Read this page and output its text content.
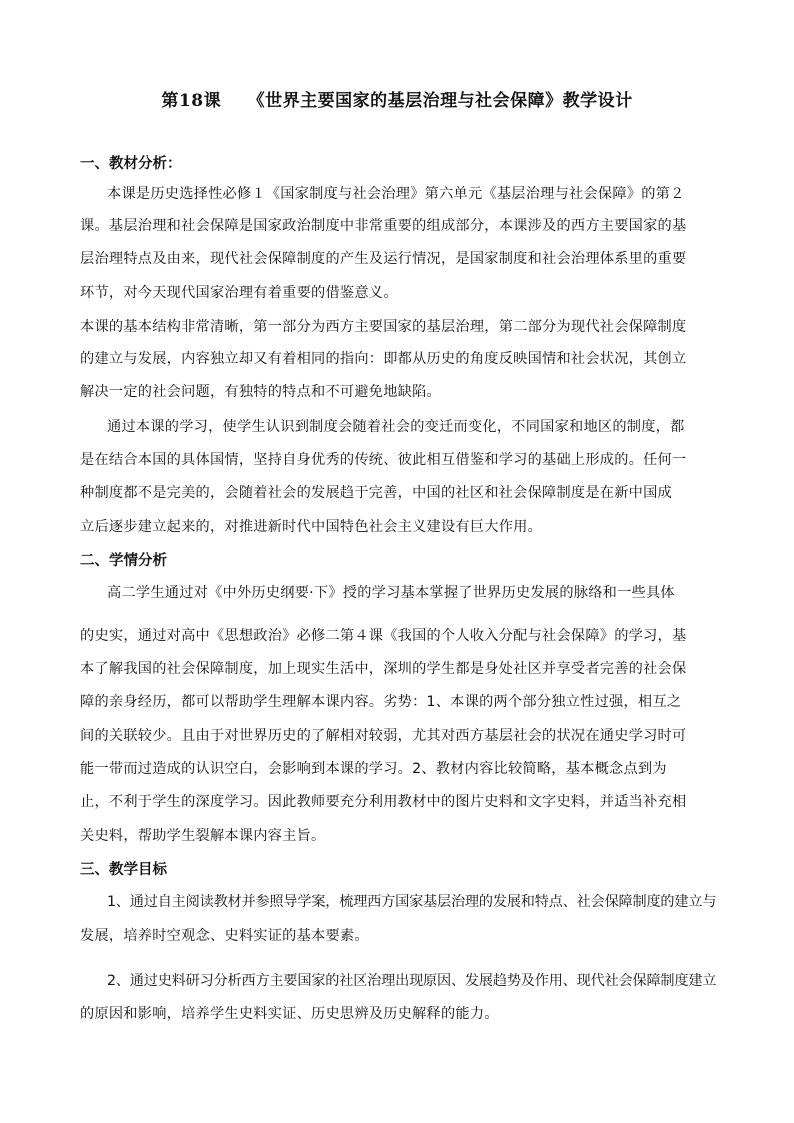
第18课　　《世界主要国家的基层治理与社会保障》教学设计
一、教材分析：
本课是历史选择性必修１《国家制度与社会治理》第六单元《基层治理与社会保障》的第２
课。基层治理和社会保障是国家政治制度中非常重要的组成部分，本课涉及的西方主要国家的基
层治理特点及由来，现代社会保障制度的产生及运行情况，是国家制度和社会治理体系里的重要
环节，对今天现代国家治理有着重要的借鉴意义。
本课的基本结构非常清晰，第一部分为西方主要国家的基层治理，第二部分为现代社会保障制度
的建立与发展，内容独立却又有着相同的指向：即都从历史的角度反映国情和社会状况，其创立
解决一定的社会问题，有独特的特点和不可避免地缺陷。
通过本课的学习，使学生认识到制度会随着社会的变迁而变化，不同国家和地区的制度，都
是在结合本国的具体国情，坚持自身优秀的传统、彼此相互借鉴和学习的基础上形成的。任何一
种制度都不是完美的，会随着社会的发展趋于完善，中国的社区和社会保障制度是在新中国成
立后逐步建立起来的，对推进新时代中国特色社会主义建设有巨大作用。
二、学情分析
高二学生通过对《中外历史纲要·下》授的学习基本掌握了世界历史发展的脉络和一些具体
的史实，通过对高中《思想政治》必修二第４课《我国的个人收入分配与社会保障》的学习，基
本了解我国的社会保障制度，加上现实生活中，深圳的学生都是身处社区并享受者完善的社会保
障的亲身经历，都可以帮助学生理解本课内容。劣势：1、本课的两个部分独立性过强，相互之
间的关联较少。且由于对世界历史的了解相对较弱，尤其对西方基层社会的状况在通史学习时可
能一带而过造成的认识空白，会影响到本课的学习。2、教材内容比较简略，基本概念点到为
止，不利于学生的深度学习。因此教师要充分利用教材中的图片史料和文字史料，并适当补充相
关史料，帮助学生裂解本课内容主旨。
三、教学目标
1、通过自主阅读教材并参照导学案，梳理西方国家基层治理的发展和特点、社会保障制度的建立与
发展，培养时空观念、史料实证的基本要素。
2、通过史料研习分析西方主要国家的社区治理出现原因、发展趋势及作用、现代社会保障制度建立
的原因和影响，培养学生史料实证、历史思辨及历史解释的能力。
